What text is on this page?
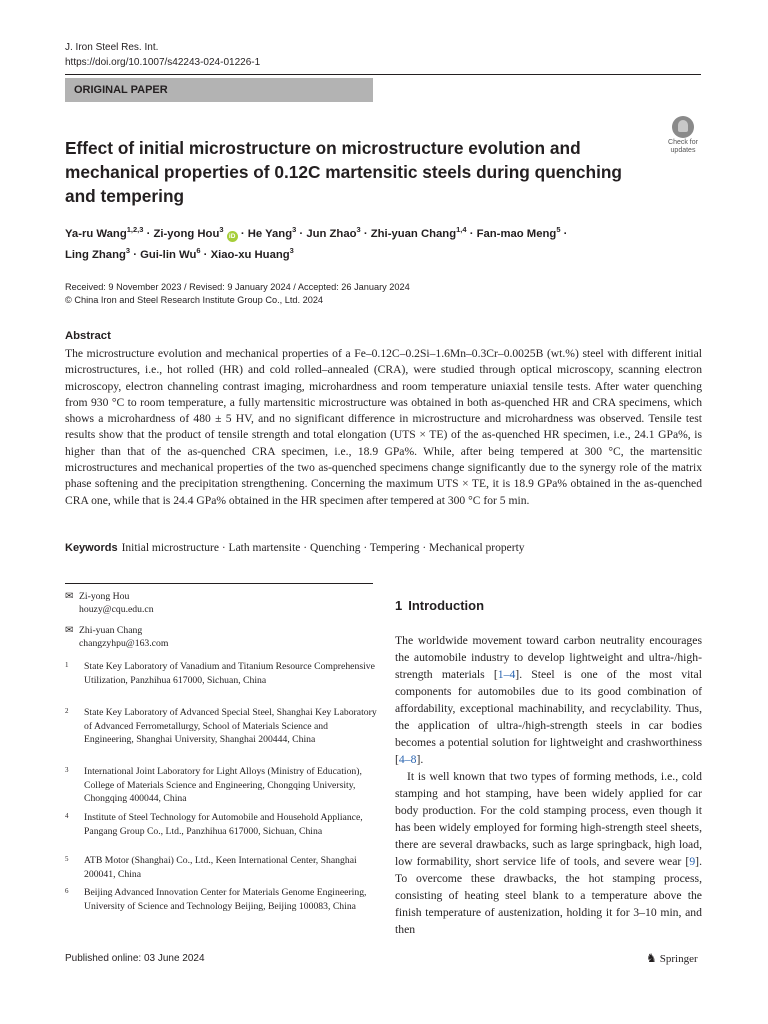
J. Iron Steel Res. Int.
https://doi.org/10.1007/s42243-024-01226-1
ORIGINAL PAPER
Effect of initial microstructure on microstructure evolution and mechanical properties of 0.12C martensitic steels during quenching and tempering
Check for
updates
Ya-ru Wang$^{1,2,3}$ · Zi-yong Hou$^3$ iD · He Yang$^3$ · Jun Zhao$^3$ · Zhi-yuan Chang$^{1,4}$ · Fan-mao Meng$^5$ ·
Ling Zhang$^3$ · Gui-lin $Wu^6$ · Xiao-xu Huang$^3$
Received: 9 November 2023 / Revised: 9 January 2024 / Accepted: 26 January 2024
© China Iron and Steel Research Institute Group Co., Ltd. 2024
Abstract
The microstructure evolution and mechanical properties of a Fe–0.12C–0.2Si–1.6Mn–0.3Cr–0.0025B (wt.%) steel with different initial microstructures, i.e., hot rolled (HR) and cold rolled–annealed (CRA), were studied through optical microscopy, scanning electron microscopy, electron channeling contrast imaging, microhardness and room temperature uniaxial tensile tests. After water quenching from 930 °C to room temperature, a fully martensitic microstructure was obtained in both as-quenched HR and CRA specimens, which shows a microhardness of 480 ± 5 HV, and no significant difference in microstructure and microhardness was observed. Tensile test results show that the product of tensile strength and total elongation (UTS × TE) of the as-quenched HR specimen, i.e., 24.1 GPa%, is higher than that of the as-quenched CRA specimen, i.e., 18.9 GPa%. While, after being tempered at 300 °C, the martensitic microstructures and mechanical properties of the two as-quenched specimens change significantly due to the synergy role of the matrix phase softening and the precipitation strengthening. Concerning the maximum UTS × TE, it is 18.9 GPa% obtained in the as-quenched CRA one, while that is 24.4 GPa% obtained in the HR specimen after tempered at 300 °C for 5 min.
Keywords Initial microstructure · Lath martensite · Quenching · Tempering · Mechanical property
✉ Zi-yong Hou
houzy@cqu.edu.cn
✉ Zhi-yuan Chang
changzyhpu@163.com
1 State Key Laboratory of Vanadium and Titanium Resource Comprehensive Utilization, Panzhihua 617000, Sichuan, China
2 State Key Laboratory of Advanced Special Steel, Shanghai Key Laboratory of Advanced Ferrometallurgy, School of Materials Science and Engineering, Shanghai University, Shanghai 200444, China
3 International Joint Laboratory for Light Alloys (Ministry of Education), College of Materials Science and Engineering, Chongqing University, Chongqing 400044, China
4 Institute of Steel Technology for Automobile and Household Appliance, Pangang Group Co., Ltd., Panzhihua 617000, Sichuan, China
5 ATB Motor (Shanghai) Co., Ltd., Keen International Center, Shanghai 200041, China
6 Beijing Advanced Innovation Center for Materials Genome Engineering, University of Science and Technology Beijing, Beijing 100083, China
1 Introduction

The worldwide movement toward carbon neutrality encourages the automobile industry to develop lightweight and ultra-/high-strength materials [1–4]. Steel is one of the most vital components for automobiles due to its good combination of affordability, exceptional machinability, and recyclability. Thus, the application of ultra-/high-strength steels in car bodies becomes a potential solution for lightweight and crashworthiness [4–8].

It is well known that two types of forming methods, i.e., cold stamping and hot stamping, have been widely applied for car body production. For the cold stamping process, even though it has been widely employed for forming high-strength steel sheets, there are several drawbacks, such as large springback, high load, low formability, short service life of tools, and severe wear [9]. To overcome these drawbacks, the hot stamping process, consisting of heating steel blank to a temperature above the finish temperature of austenization, holding it for 3–10 min, and then

Published online: 03 June 2024	♞ Springer
